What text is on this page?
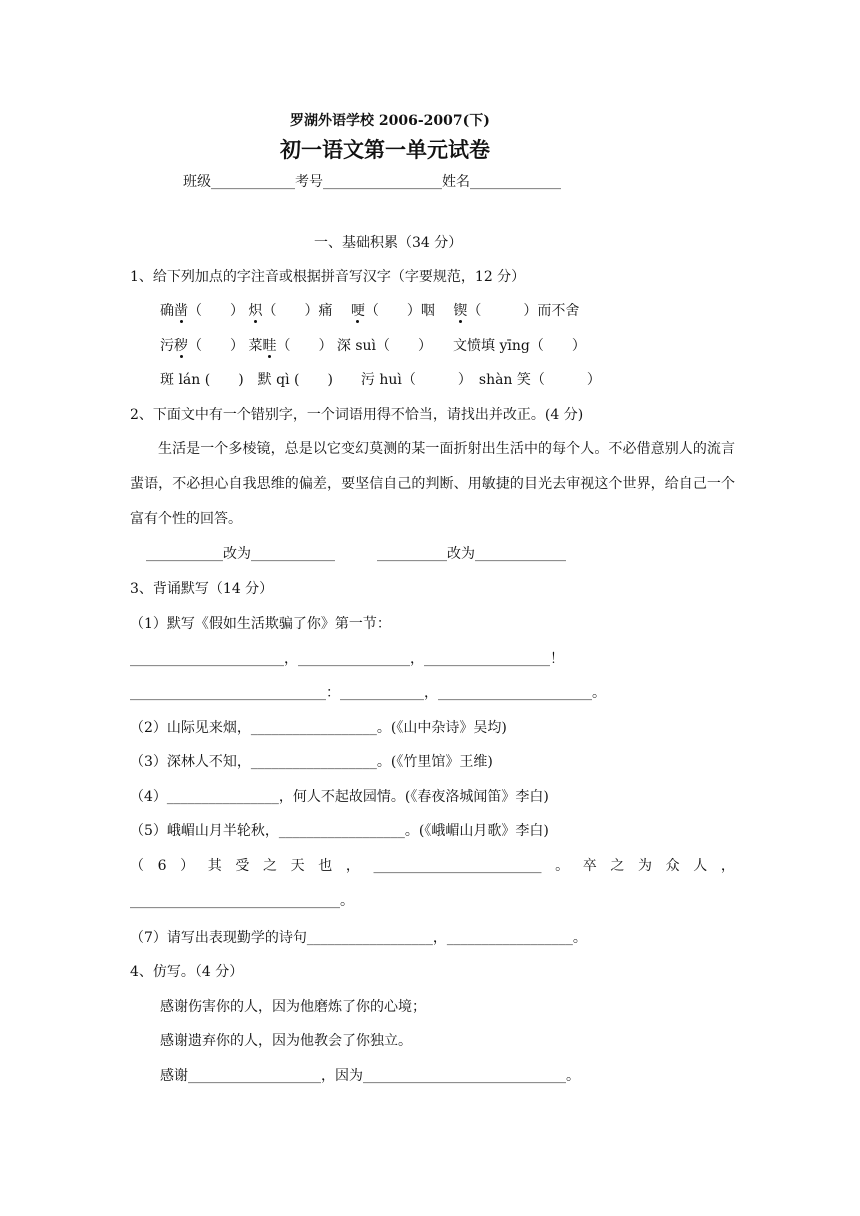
罗湖外语学校 2006-2007(下)
初一语文第一单元试卷
班级____________考号_________________姓名_____________
一、基础积累（34 分）
1、给下列加点的字注音或根据拼音写汉字（字要规范，12 分）
确凿（　　） 炽（　　）痛　 哽（　　）咽　 锲（　　　）而不舍
污秽（　　） 菜畦（　　） 深 suì（　　）　　文愤填 yīng（　　）
斑 lán (　　)　默 qì (　　)　　污 huì（　　　）　shàn 笑（　　　）
2、下面文中有一个错别字，一个词语用得不恰当，请找出并改正。(4 分)
生活是一个多棱镜，总是以它变幻莫测的某一面折射出生活中的每个人。不必借意别人的流言蜚语，不必担心自我思维的偏差，要坚信自己的判断、用敏捷的目光去审视这个世界，给自己一个富有个性的回答。
___________改为____________　　　__________改为_____________
3、背诵默写（14 分）
（1）默写《假如生活欺骗了你》第一节：
______________________，________________，__________________！
____________________________：____________，______________________。
（2）山际见来烟，__________________。(《山中杂诗》吴均)
（3）深林人不知，__________________。(《竹里馆》王维)
（4）________________，何人不起故园情。(《春夜洛城闻笛》李白)
（5）峨嵋山月半轮秋，__________________。(《峨嵋山月歌》李白)
（ 6 ） 其 受 之 天 也 ， ________________________ 。 卒 之 为 众 人 ，
______________________________。
（7）请写出表现勤学的诗句__________________，__________________。
4、仿写。（4 分）
感谢伤害你的人，因为他磨炼了你的心境；
感谢遗弃你的人，因为他教会了你独立。
感谢___________________，因为_____________________________。
